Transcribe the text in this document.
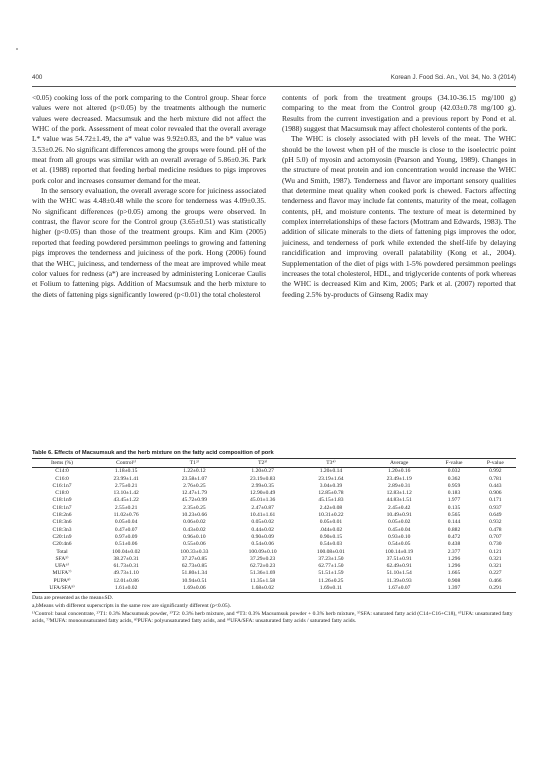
400	Korean J. Food Sci. An., Vol. 34, No. 3 (2014)

<0.05) cooking loss of the pork comparing to the Control group. Shear force values were not altered (p<0.05) by the treatments although the numeric values were decreased. Macsumsuk and the herb mixture did not affect the WHC of the pork. Assessment of meat color revealed that the overall average L* value was 54.72±1.49, the a* value was 9.92±0.83, and the b* value was 3.53±0.26. No significant differences among the groups were found. pH of the meat from all groups was similar with an overall average of 5.86±0.36. Park et al. (1988) reported that feeding herbal medicine residues to pigs improves pork color and increases consumer demand for the meat.

In the sensory evaluation, the overall average score for juiciness associated with the WHC was 4.48±0.48 while the score for tenderness was 4.09±0.35. No significant differences (p>0.05) among the groups were observed. In contrast, the flavor score for the Control group (3.65±0.51) was statistically higher (p<0.05) than those of the treatment groups. Kim and Kim (2005) reported that feeding powdered persimmon peelings to growing and fattening pigs improves the tenderness and juiciness of the pork. Hong (2006) found that the WHC, juiciness, and tenderness of the meat are improved while meat color values for redness (a*) are increased by administering Lonicerae Caulis et Folium to fattening pigs. Addition of Macsumsuk and the herb mixture to the diets of fattening pigs significantly lowered (p<0.01) the total cholesterol

contents of pork from the treatment groups (34.10-36.15 mg/100 g) comparing to the meat from the Control group (42.03±0.78 mg/100 g). Results from the current investigation and a previous report by Pond et al. (1988) suggest that Macsumsuk may affect cholesterol contents of the pork.

The WHC is closely associated with pH levels of the meat. The WHC should be the lowest when pH of the muscle is close to the isoelectric point (pH 5.0) of myosin and actomyosin (Pearson and Young, 1989). Changes in the structure of meat protein and ion concentration would increase the WHC (Wu and Smith, 1987). Tenderness and flavor are important sensory qualities that determine meat quality when cooked pork is chewed. Factors affecting tenderness and flavor may include fat contents, maturity of the meat, collagen contents, pH, and moisture contents. The texture of meat is determined by complex interrelationships of these factors (Mottram and Edwards, 1983). The addition of silicate minerals to the diets of fattening pigs improves the odor, juiciness, and tenderness of pork while extended the shelf-life by delaying rancidification and improving overall palatability (Kong et al., 2004). Supplementation of the diet of pigs with 1-5% powdered persimmon peelings increases the total cholesterol, HDL, and triglyceride contents of pork whereas the WHC is decreased Kim and Kim, 2005; Park et al. (2007) reported that feeding 2.5% by-products of Ginseng Radix may

Table 6. Effects of Macsumsuk and the herb mixture on the fatty acid composition of pork
Items (%)	Control¹⁾	T1²⁾	T2³⁾	T3⁴⁾	Average	F-value	P-value
C14:0	1.18±0.15	1.22±0.12	1.20±0.27	1.20±0.14	1.20±0.16	0.032	0.992
C16:0	23.99±1.41	23.58±1.07	23.19±0.83	23.19±1.64	23.49±1.19	0.362	0.781
C16:1n7	2.75±0.21	2.76±0.25	2.99±0.35	3.04±0.39	2.89±0.31	0.959	0.443
C18:0	13.10±1.42	12.47±1.79	12.90±0.49	12.85±0.78	12.83±1.12	0.183	0.906
C18:1n9	43.45±1.22	45.72±0.99	45.01±1.36	45.15±1.83	44.83±1.51	1.977	0.171
C18:1n7	2.55±0.21	2.35±0.25	2.47±0.87	2.42±0.08	2.45±0.42	0.135	0.937
C18:2n6	11.02±0.76	10.23±0.66	10.41±1.61	10.31±0.22	10.49±0.91	0.565	0.649
C18:3n6	0.05±0.04	0.06±0.02	0.05±0.02	0.05±0.01	0.05±0.02	0.144	0.932
C18:3n3	0.47±0.07	0.43±0.02	0.44±0.02	.044±0.02	0.45±0.04	0.882	0.478
C20:1n9	0.97±0.09	0.96±0.10	0.90±0.09	0.90±0.15	0.93±0.10	0.472	0.707
C20:4n6	0.51±0.06	0.55±0.06	0.54±0.06	0.54±0.03	0.54±0.05	0.438	0.730
Total	100.04±0.02	100.33±0.33	100.09±0.10	100.08±0.01	100.14±0.19	2.377	0.121
SFA⁵⁾	38.27±0.31	37.27±0.85	37.29±0.23	37.23±1.50	37.51±0.91	1.296	0.321
UFA⁶⁾	61.73±0.31	62.73±0.85	62.72±0.23	62.77±1.50	62.49±0.91	1.296	0.321
MUFA⁷⁾	49.73±1.10	51.80±1.34	51.36±1.69	51.51±1.59	51.10±1.54	1.665	0.227
PUPA⁸⁾	12.01±0.86	10.94±0.51	11.35±1.58	11.26±0.25	11.39±0.93	0.908	0.466
UFA/SFA⁹⁾	1.61±0.02	1.69±0.06	1.68±0.02	1.69±0.11	1.67±0.07	1.397	0.291
Data are presented as the mean±SD.
a,bMeans with different superscripts in the same row are significantly different (p<0.05).
¹⁾Control: basal concentrate, ²⁾T1: 0.3% Macsumsuk powder, ³⁾T2: 0.3% herb mixture, and ⁴⁾T3: 0.3% Macsumsuk powder + 0.3% herb mixture, ⁵⁾SFA: saturated fatty acid (C14+C16+C18), ⁶⁾UFA: unsaturated fatty acids, ⁷⁾MUFA: monounsaturated fatty acids, ⁸⁾PUFA: polyunsaturated fatty acids, and ⁹⁾UFA/SFA: unsaturated fatty acids / saturated fatty acids.
